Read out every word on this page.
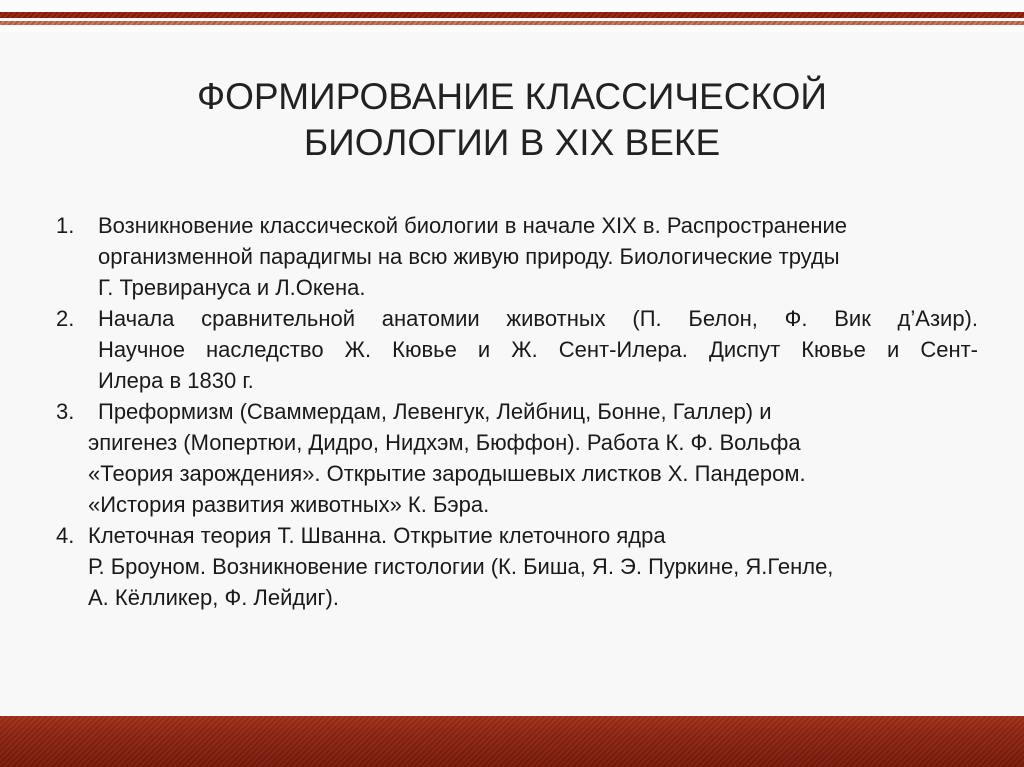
ФОРМИРОВАНИЕ КЛАССИЧЕСКОЙ
БИОЛОГИИ В XIX ВЕКЕ
1. Возникновение классической биологии в начале XIX в. Распространение
организменной парадигмы на всю живую природу. Биологические труды
Г. Тревирануса и Л.Окена.
2. Начала сравнительной анатомии животных (П. Белон, Ф. Вик д’Азир).
Научное наследство Ж. Кювье и Ж. Сент-Илера. Диспут Кювье и Сент-
Илера в 1830 г.
3. Преформизм (Сваммердам, Левенгук, Лейбниц, Бонне, Галлер) и
эпигенез (Мопертюи, Дидро, Нидхэм, Бюффон). Работа К. Ф. Вольфа
«Теория зарождения». Открытие зародышевых листков Х. Пандером.
«История развития животных» К. Бэра.
4. Клеточная теория Т. Шванна. Открытие клеточного ядра
Р. Броуном. Возникновение гистологии (К. Биша, Я. Э. Пуркине, Я.Генле,
А. Кёлликер, Ф. Лейдиг).
